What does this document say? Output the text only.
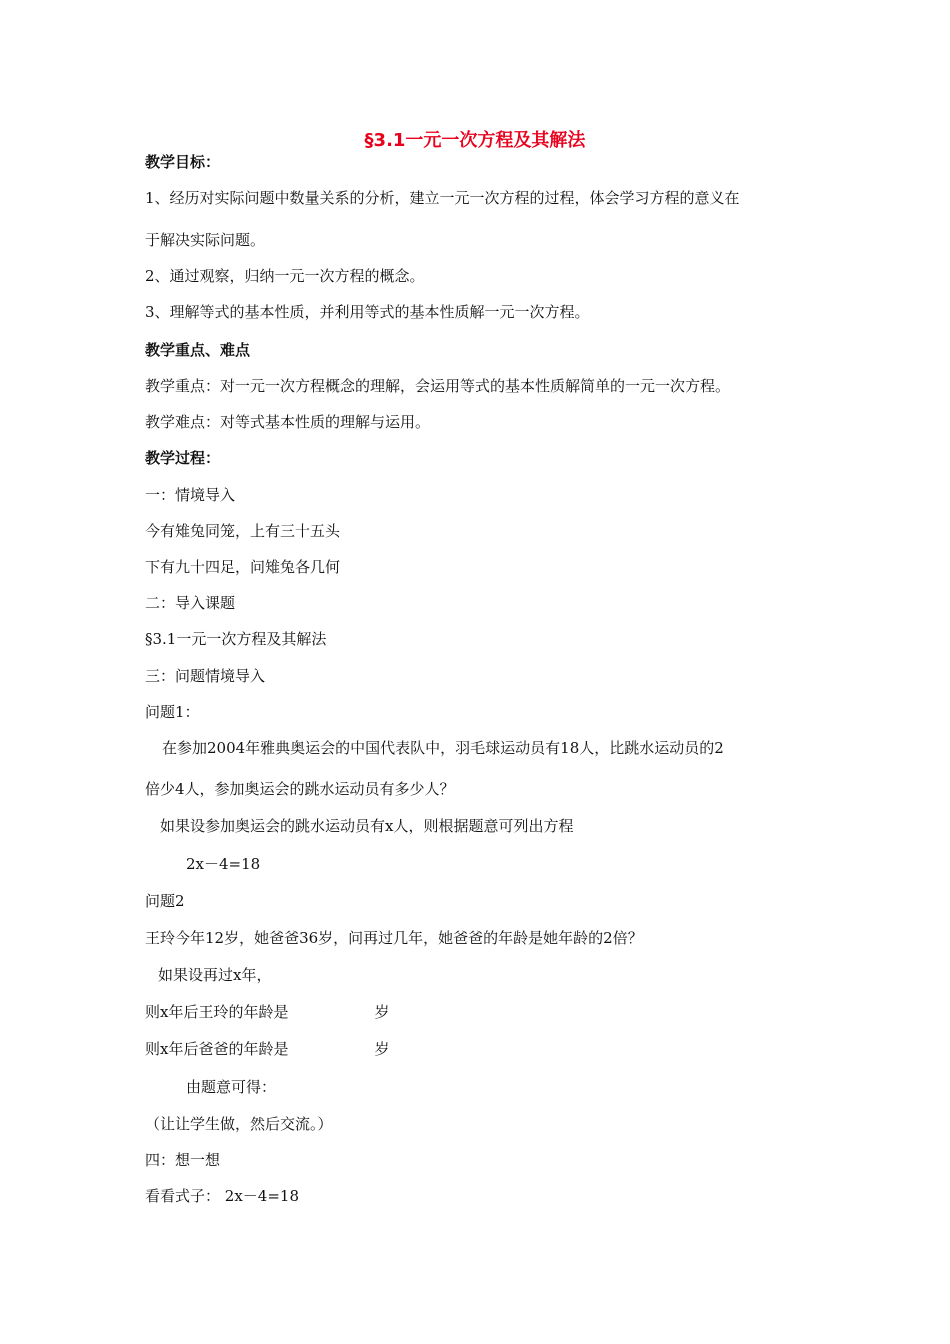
§3.1一元一次方程及其解法
教学目标：
1、经历对实际问题中数量关系的分析，建立一元一次方程的过程，体会学习方程的意义在
于解决实际问题。
2、通过观察，归纳一元一次方程的概念。
3、理解等式的基本性质，并利用等式的基本性质解一元一次方程。
教学重点、难点
教学重点：对一元一次方程概念的理解，会运用等式的基本性质解简单的一元一次方程。
教学难点：对等式基本性质的理解与运用。
教学过程：
一：情境导入
今有雉兔同笼，上有三十五头
下有九十四足，问雉兔各几何
二：导入课题
§3.1一元一次方程及其解法
三：问题情境导入
问题1：
在参加2004年雅典奥运会的中国代表队中，羽毛球运动员有18人，比跳水运动员的2
倍少4人，参加奥运会的跳水运动员有多少人？
如果设参加奥运会的跳水运动员有x人，则根据题意可列出方程
2x－4=18
问题2
王玲今年12岁，她爸爸36岁，问再过几年，她爸爸的年龄是她年龄的2倍？
如果设再过x年，
则x年后王玲的年龄是	岁
则x年后爸爸的年龄是	岁
由题意可得：
（让让学生做，然后交流。）
四：想一想
看看式子： 2x－4=18
